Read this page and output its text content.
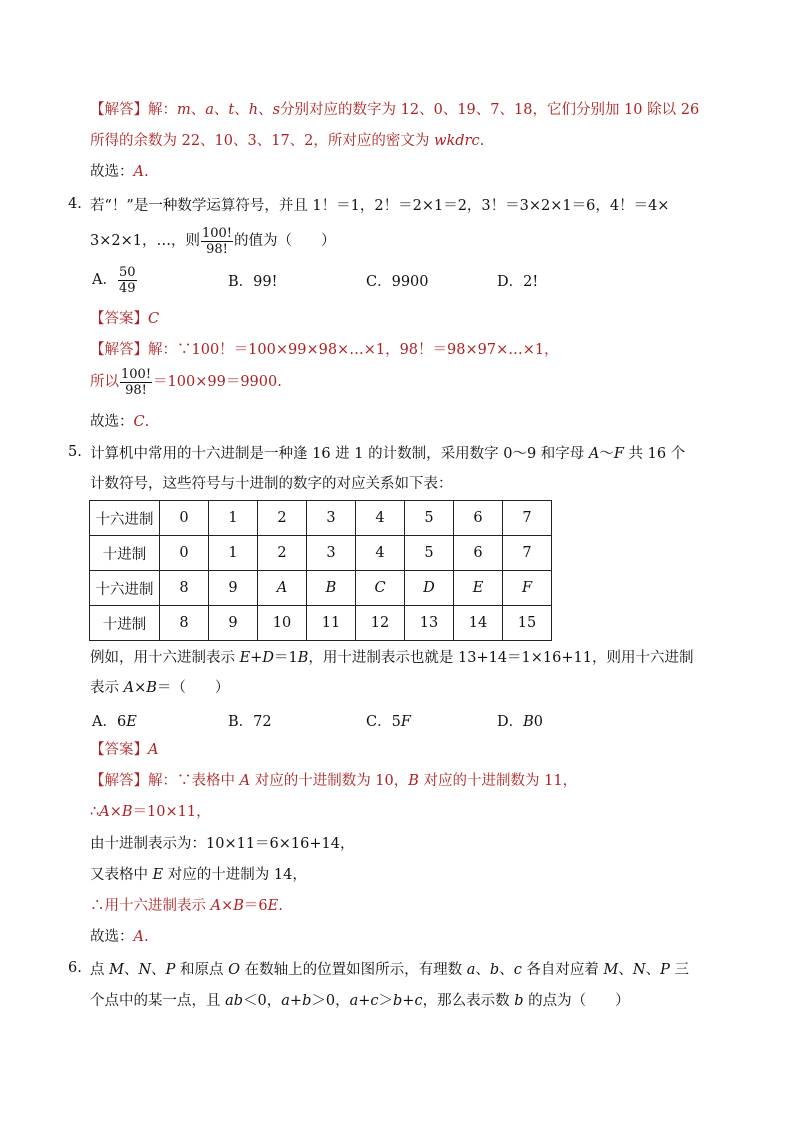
【解答】解：m、a、t、h、s分别对应的数字为 12、0、19、7、18，它们分别加 10 除以 26
所得的余数为 22、10、3、17、2，所对应的密文为 wkdrc.
故选：A.
4. 若“！”是一种数学运算符号，并且 1！＝1，2！＝2×1＝2，3！＝3×2×1＝6，4！＝4×
3×2×1，…，则 $\frac{100!}{98!}$ 的值为（　　）
A． $\frac{50}{49}$	B．99!	C．9900	D．2!
【答案】C
【解答】解：∵100！＝100×99×98×…×1，98！＝98×97×…×1，
所以 $\frac{100!}{98!} =100\times 99=9900$.
故选：C.
5. 计算机中常用的十六进制是一种逢 16 进 1 的计数制，采用数字 0～9 和字母 A～F 共 16 个
计数符号，这些符号与十进制的数字的对应关系如下表：
十六进制	0	1	2	3	4	5	6	7
十进制	0	1	2	3	4	5	6	7
十六进制	8	9	A	B	C	D	E	F
十进制	8	9	10	11	12	13	14	15
例如，用十六进制表示 E+D＝1B，用十进制表示也就是 13+14＝1×16+11，则用十六进制
表示 A×B＝（　　）
A．6E	B．72	C．5F	D．B0
【答案】A
【解答】解：∵表格中 A 对应的十进制数为 10，B 对应的十进制数为 11，
∴A×B＝10×11，
由十进制表示为：10×11＝6×16+14，
又表格中 E 对应的十进制为 14，
∴用十六进制表示 A×B＝6E.
故选：A.
6. 点 M、N、P 和原点 O 在数轴上的位置如图所示，有理数 a、b、c 各自对应着 M、N、P 三
个点中的某一点，且 ab＜0，a+b＞0，a+c＞b+c，那么表示数 b 的点为（　　）
